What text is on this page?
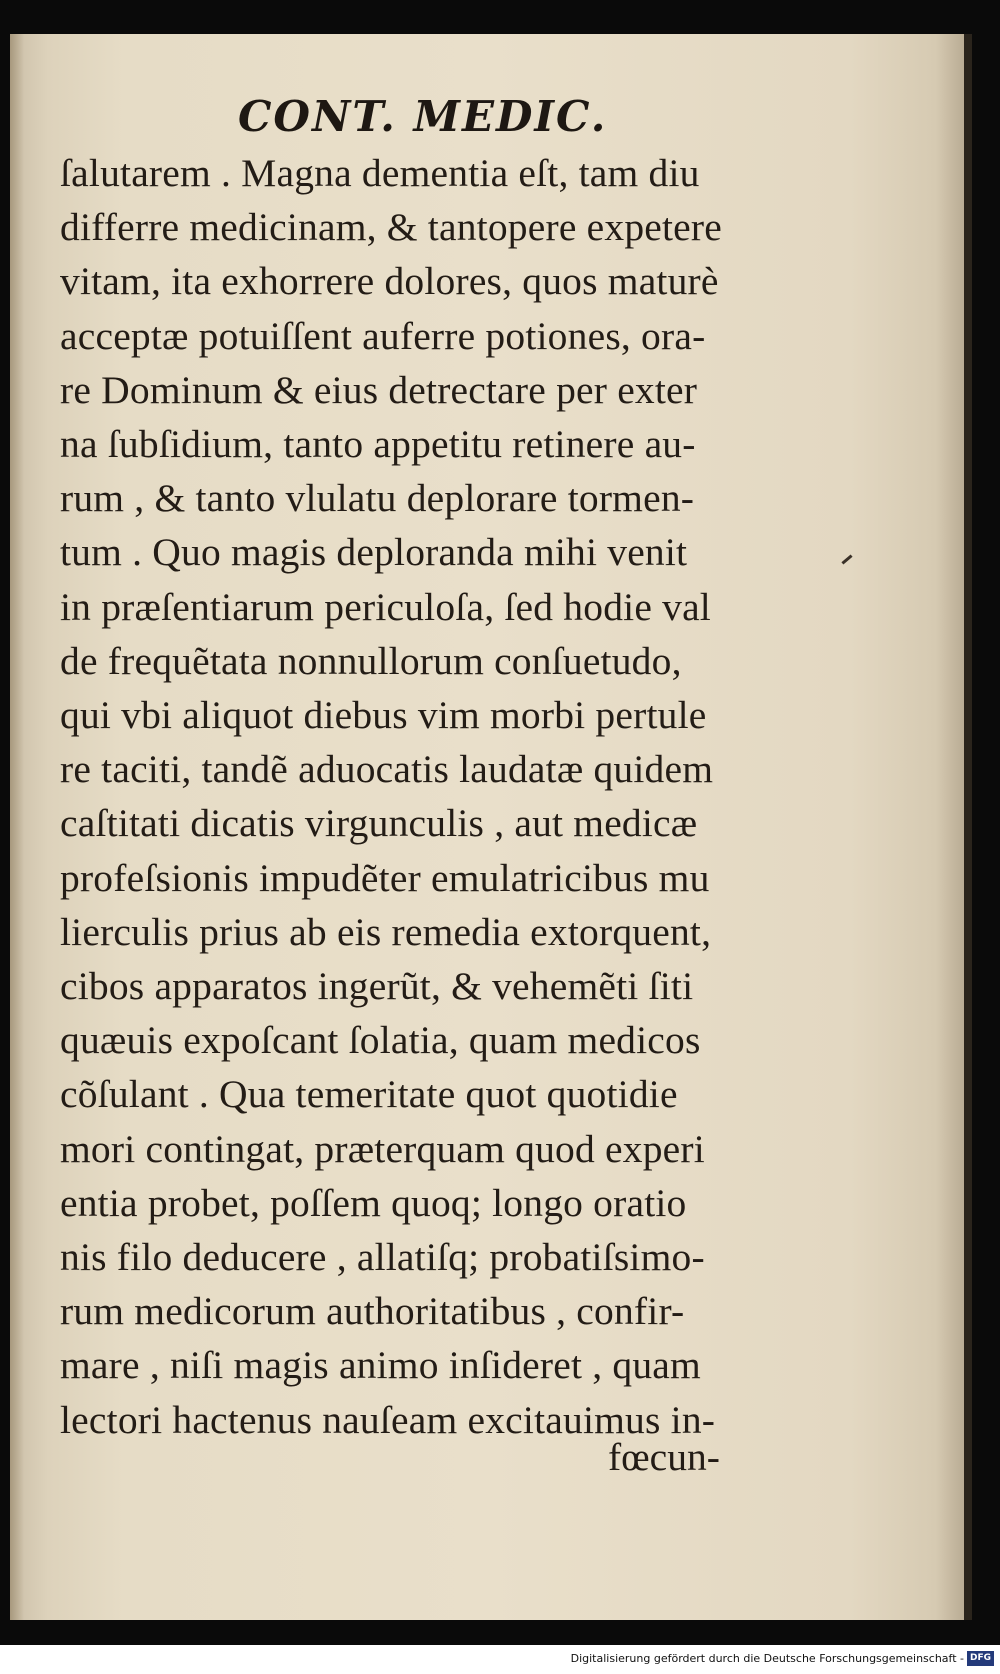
CONT. MEDIC.
ſalutarem . Magna dementia eſt, tam diu
differre medicinam, & tantopere expetere
vitam, ita exhorrere dolores, quos maturè
acceptæ potuiſſent auferre potiones, ora-
re Dominum & eius detrectare per exter
na ſubſidium, tanto appetitu retinere au-
rum , & tanto vlulatu deplorare tormen-
tum . Quo magis deploranda mihi venit
in præſentiarum periculoſa, ſed hodie val
de frequẽtata nonnullorum conſuetudo,
qui vbi aliquot diebus vim morbi pertule
re taciti, tandẽ aduocatis laudatæ quidem
caſtitati dicatis virgunculis , aut medicæ
profeſsionis impudẽter emulatricibus mu
lierculis prius ab eis remedia extorquent,
cibos apparatos ingerũt, & vehemẽti ſiti
quæuis expoſcant ſolatia, quam medicos
cõſulant . Qua temeritate quot quotidie
mori contingat, præterquam quod experi
entia probet, poſſem quoq; longo oratio
nis filo deducere , allatiſq; probatiſsimo-
rum medicorum authoritatibus , confir-
mare , niſi magis animo inſideret , quam
lectori hactenus nauſeam excitauimus in-
fœcun-
Digitalisierung gefördert durch die Deutsche Forschungsgemeinschaft - DFG
